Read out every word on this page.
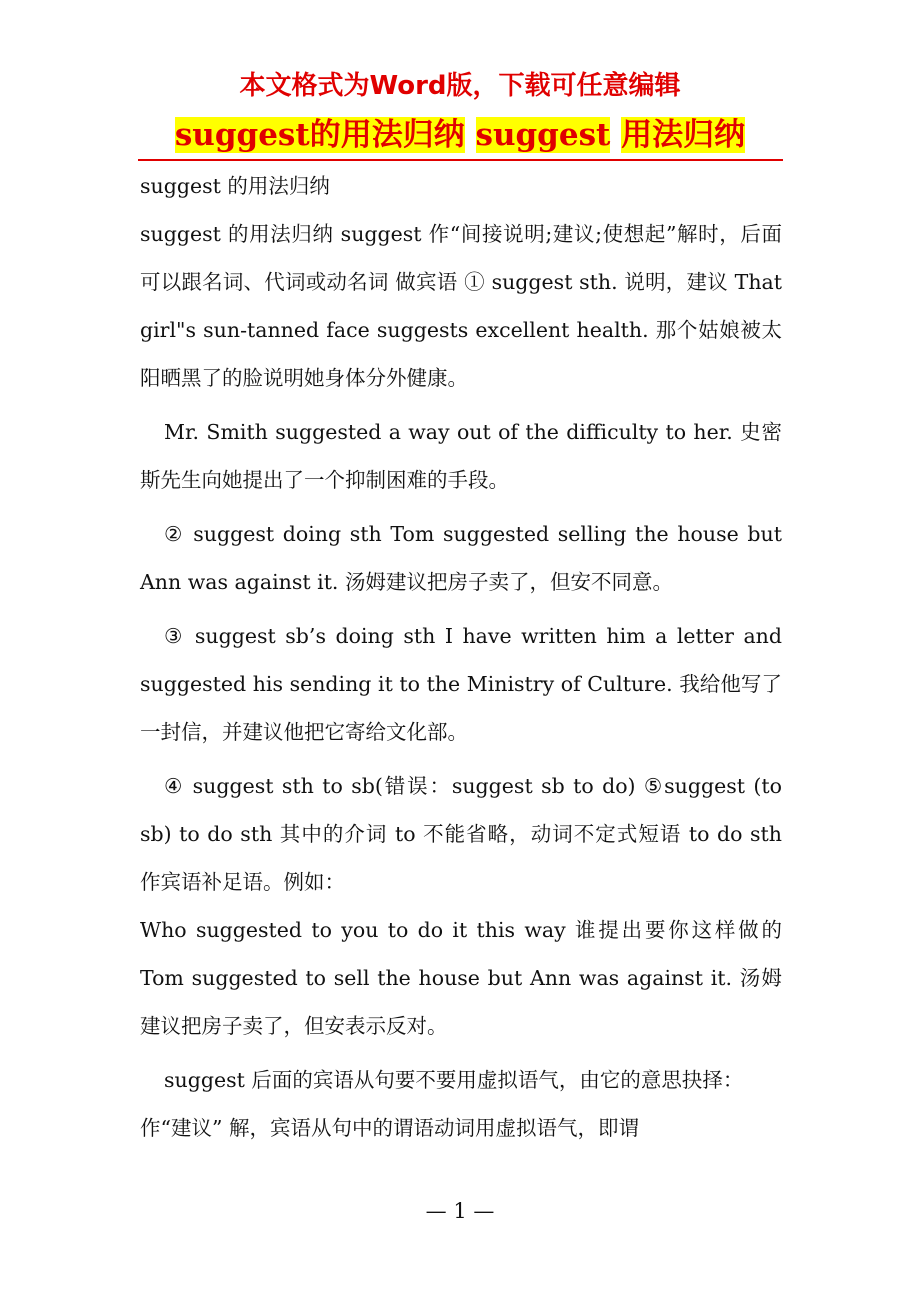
本文格式为Word版，下载可任意编辑
suggest的用法归纳 suggest 用法归纳

suggest 的用法归纳

suggest 的用法归纳 suggest 作“间接说明;建议;使想起”解时，后面可以跟名词、代词或动名词 做宾语 ① suggest sth. 说明，建议 That girl"s sun-tanned face suggests excellent health. 那个姑娘被太阳晒黑了的脸说明她身体分外健康。

Mr. Smith suggested a way out of the difficulty to her. 史密斯先生向她提出了一个抑制困难的手段。

② suggest doing sth Tom suggested selling the house but Ann was against it. 汤姆建议把房子卖了，但安不同意。

③ suggest sb’s doing sth I have written him a letter and suggested his sending it to the Ministry of Culture. 我给他写了一封信，并建议他把它寄给文化部。

④ suggest sth to sb(错误：suggest sb to do) ⑤suggest (to sb) to do sth 其中的介词 to 不能省略，动词不定式短语 to do sth 作宾语补足语。例如：

Who suggested to you to do it this way 谁提出要你这样做的 Tom suggested to sell the house but Ann was against it. 汤姆建议把房子卖了，但安表示反对。

suggest 后面的宾语从句要不要用虚拟语气，由它的意思抉择：

作“建议” 解，宾语从句中的谓语动词用虚拟语气，即谓

— 1 —
